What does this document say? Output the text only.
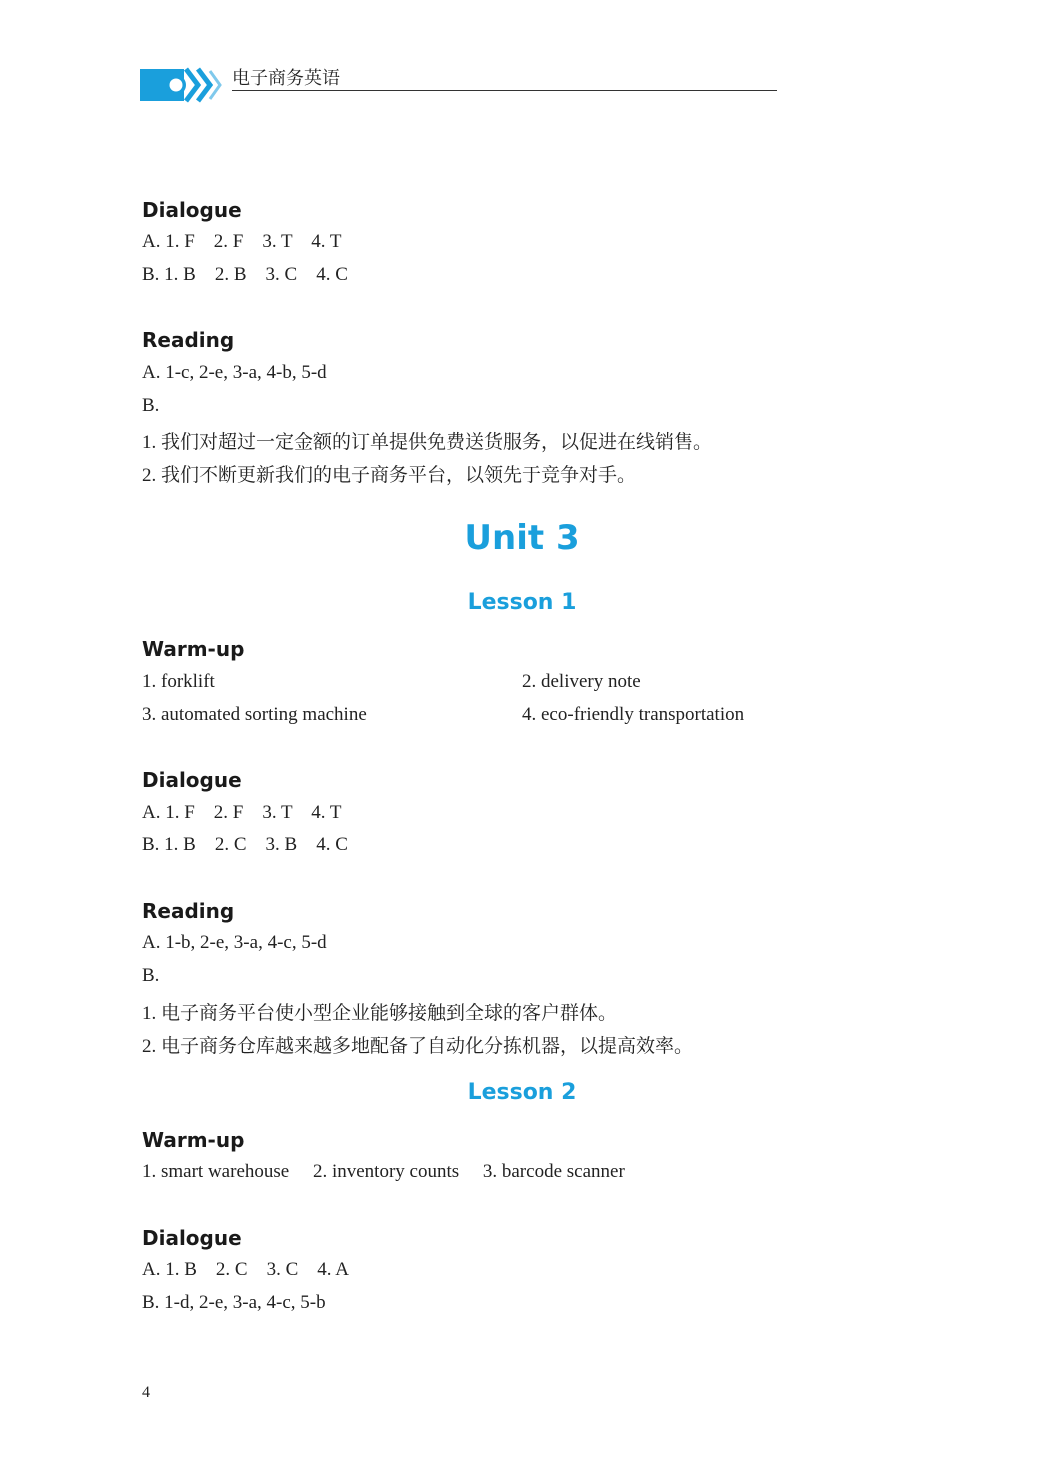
电子商务英语
Dialogue
A. 1. F    2. F    3. T    4. T
B. 1. B    2. B    3. C    4. C
Reading
A. 1-c, 2-e, 3-a, 4-b, 5-d
B.
1. 我们对超过一定金额的订单提供免费送货服务，以促进在线销售。
2. 我们不断更新我们的电子商务平台，以领先于竞争对手。
Unit 3
Lesson 1
Warm-up
1. forklift	2. delivery note
3. automated sorting machine	4. eco-friendly transportation
Dialogue
A. 1. F    2. F    3. T    4. T
B. 1. B    2. C    3. B    4. C
Reading
A. 1-b, 2-e, 3-a, 4-c, 5-d
B.
1. 电子商务平台使小型企业能够接触到全球的客户群体。
2. 电子商务仓库越来越多地配备了自动化分拣机器，以提高效率。
Lesson 2
Warm-up
1. smart warehouse     2. inventory counts     3. barcode scanner
Dialogue
A. 1. B    2. C    3. C    4. A
B. 1-d, 2-e, 3-a, 4-c, 5-b
4
